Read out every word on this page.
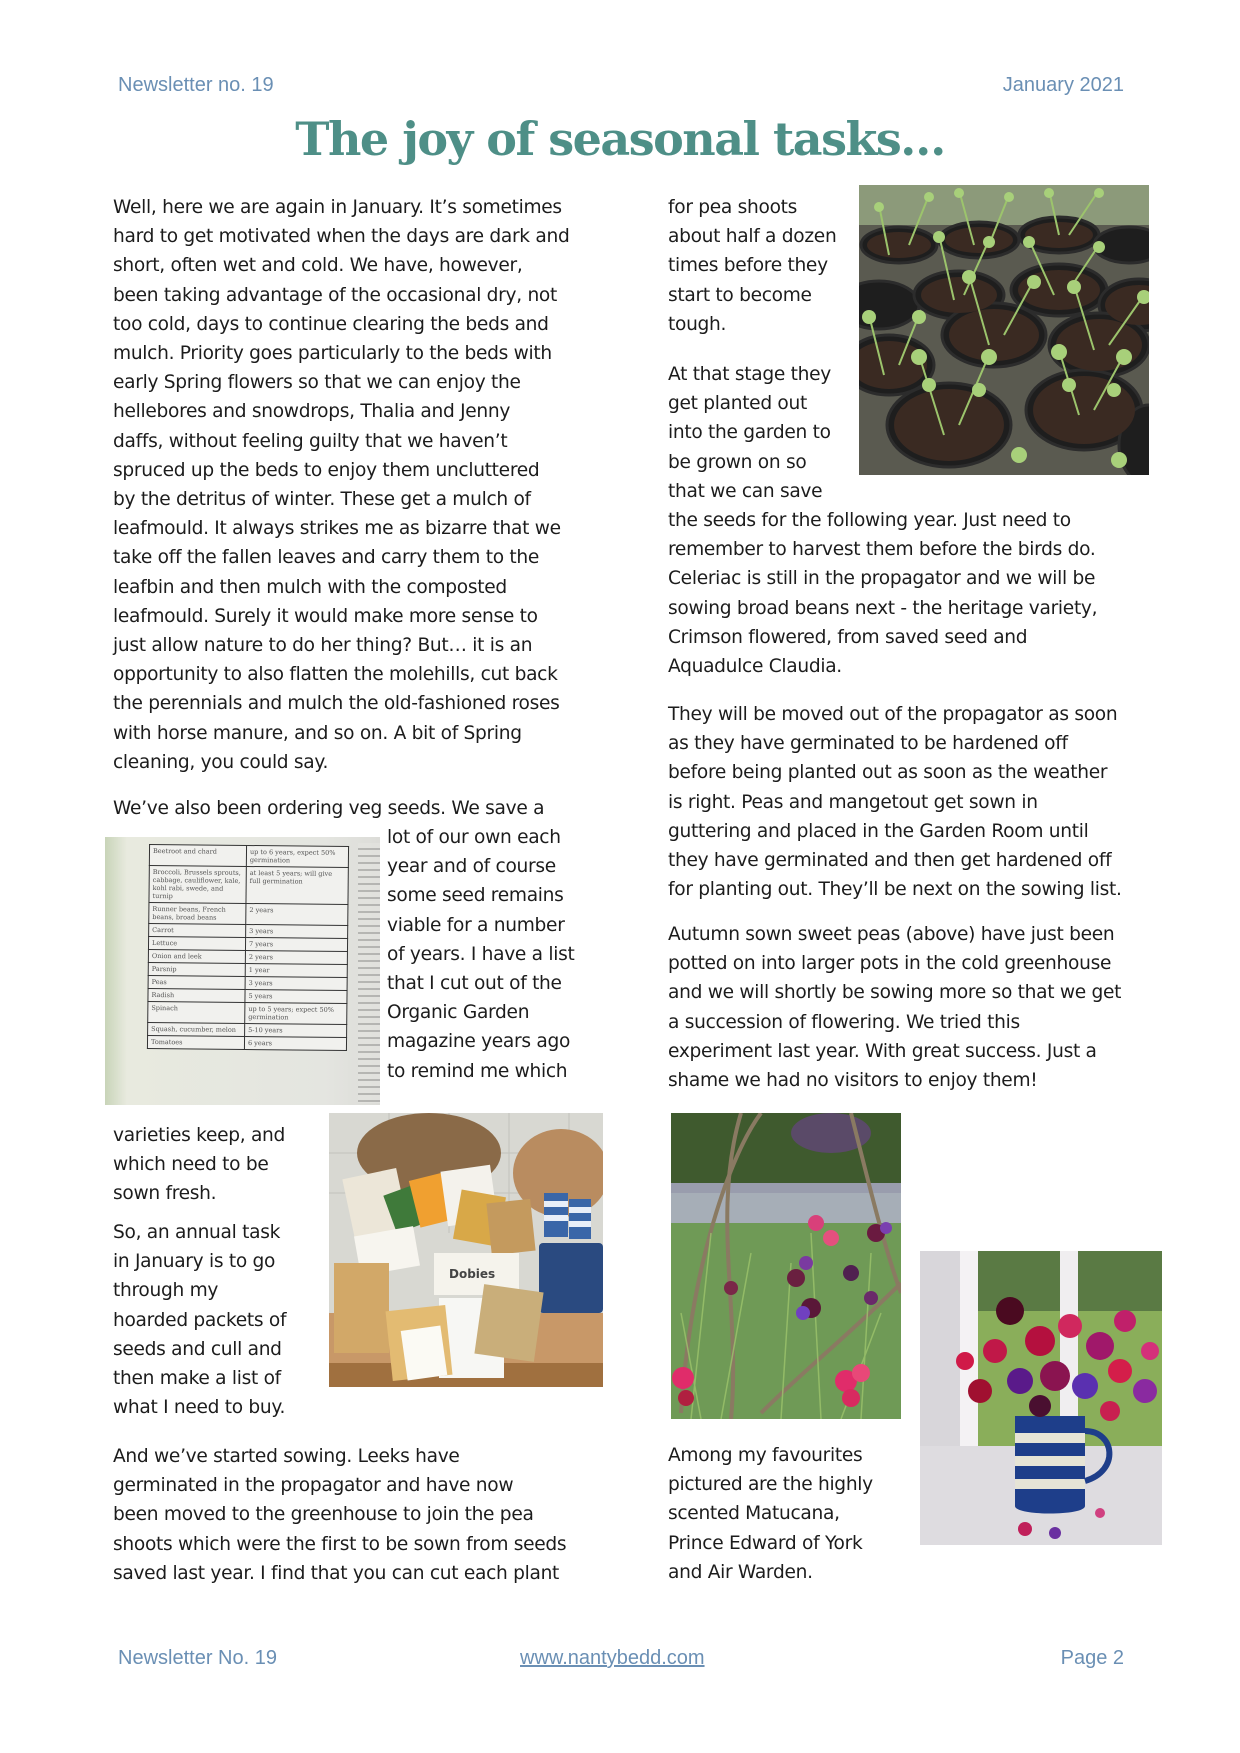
Newsletter no. 19	January 2021
The joy of seasonal tasks…
Well, here we are again in January. It’s sometimes
hard to get motivated when the days are dark and
short, often wet and cold. We have, however,
been taking advantage of the occasional dry, not
too cold, days to continue clearing the beds and
mulch. Priority goes particularly to the beds with
early Spring flowers so that we can enjoy the
hellebores and snowdrops, Thalia and Jenny
daffs, without feeling guilty that we haven’t
spruced up the beds to enjoy them uncluttered
by the detritus of winter. These get a mulch of
leafmould. It always strikes me as bizarre that we
take off the fallen leaves and carry them to the
leafbin and then mulch with the composted
leafmould. Surely it would make more sense to
just allow nature to do her thing? But… it is an
opportunity to also flatten the molehills, cut back
the perennials and mulch the old-fashioned roses
with horse manure, and so on. A bit of Spring
cleaning, you could say.
We’ve also been ordering veg seeds. We save a
Beetroot and chard	up to 6 years, expect 50% germination
Broccoli, Brussels sprouts, cabbage, cauliflower, kale, kohl rabi, swede, and turnip	at least 5 years; will give full germination
Runner beans, French beans, broad beans	2 years
Carrot	3 years
Lettuce	7 years
Onion and leek	2 years
Parsnip	1 year
Peas	3 years
Radish	5 years
Spinach	up to 5 years; expect 50% germination
Squash, cucumber, melon	5-10 years
Tomatoes	6 years
lot of our own each
year and of course
some seed remains
viable for a number
of years. I have a list
that I cut out of the
Organic Garden
magazine years ago
to remind me which
varieties keep, and
which need to be
sown fresh.
Dobies
So, an annual task
in January is to go
through my
hoarded packets of
seeds and cull and
then make a list of
what I need to buy.
And we’ve started sowing. Leeks have
germinated in the propagator and have now
been moved to the greenhouse to join the pea
shoots which were the first to be sown from seeds
saved last year. I find that you can cut each plant
for pea shoots
about half a dozen
times before they
start to become
tough.
At that stage they
get planted out
into the garden to
be grown on so
that we can save
the seeds for the following year. Just need to
remember to harvest them before the birds do.
Celeriac is still in the propagator and we will be
sowing broad beans next - the heritage variety,
Crimson flowered, from saved seed and
Aquadulce Claudia.
They will be moved out of the propagator as soon
as they have germinated to be hardened off
before being planted out as soon as the weather
is right. Peas and mangetout get sown in
guttering and placed in the Garden Room until
they have germinated and then get hardened off
for planting out. They’ll be next on the sowing list.
Autumn sown sweet peas (above) have just been
potted on into larger pots in the cold greenhouse
and we will shortly be sowing more so that we get
a succession of flowering. We tried this
experiment last year. With great success. Just a
shame we had no visitors to enjoy them!
Among my favourites
pictured are the highly
scented Matucana,
Prince Edward of York
and Air Warden.
Newsletter No. 19	www.nantybedd.com	Page 2
